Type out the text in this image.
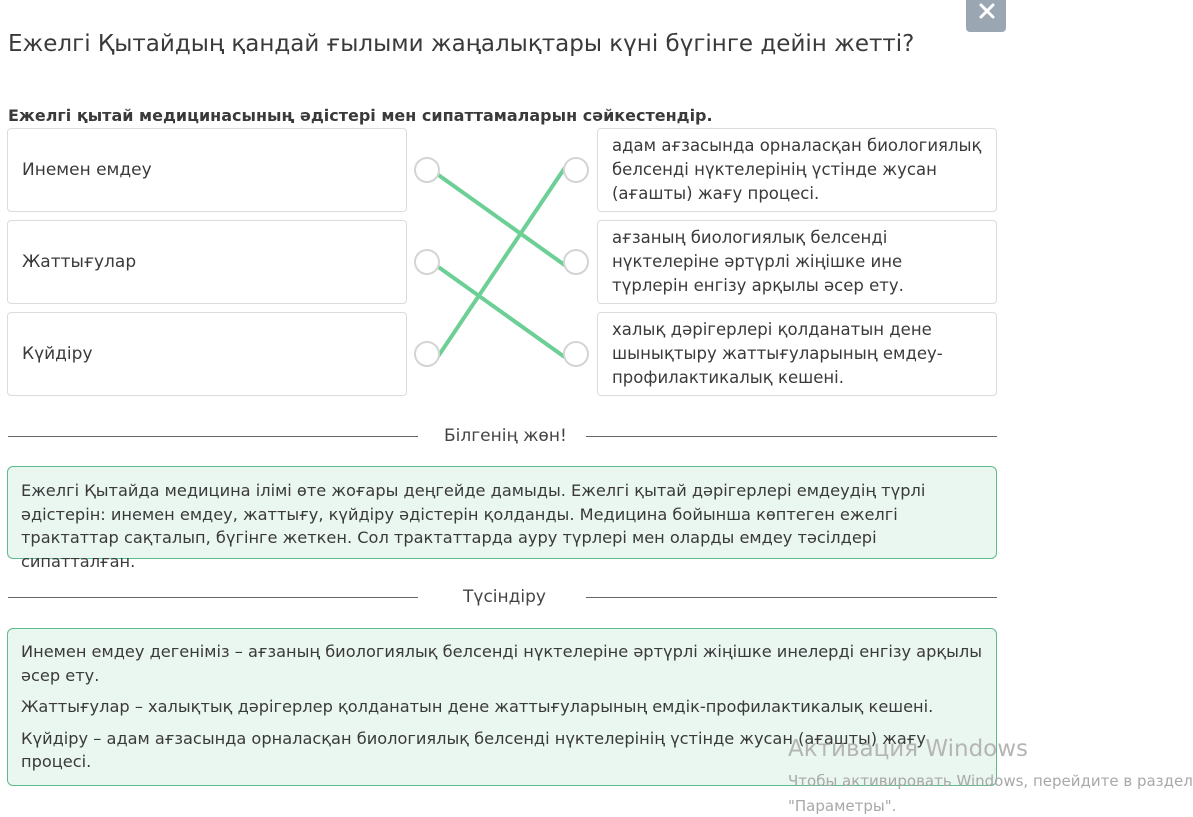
Ежелгі Қытайдың қандай ғылыми жаңалықтары күні бүгінге дейін жетті?
Ежелгі қытай медицинасының әдістері мен сипаттамаларын сәйкестендір.
Инемен емдеу
Жаттығулар
Күйдіру
адам ағзасында орналасқан биологиялық белсенді нүктелерінің үстінде жусан (ағашты) жағу процесі.
ағзаның биологиялық белсенді нүктелеріне әртүрлі жіңішке ине түрлерін енгізу арқылы әсер ету.
халық дәрігерлері қолданатын дене шынықтыру жаттығуларының емдеу-профилактикалық кешені.
Білгенің жөн!
Ежелгі Қытайда медицина ілімі өте жоғары деңгейде дамыды. Ежелгі қытай дәрігерлері емдеудің түрлі әдістерін: инемен емдеу, жаттығу, күйдіру әдістерін қолданды. Медицина бойынша көптеген ежелгі трактаттар сақталып, бүгінге жеткен. Сол трактаттарда ауру түрлері мен оларды емдеу тәсілдері сипатталған.
Түсіндіру

Инемен емдеу дегеніміз – ағзаның биологиялық белсенді нүктелеріне әртүрлі жіңішке инелерді енгізу арқылы әсер ету.

Жаттығулар – халықтық дәрігерлер қолданатын дене жаттығуларының емдік-профилактикалық кешені.

Күйдіру – адам ағзасында орналасқан биологиялық белсенді нүктелерінің үстінде жусан (ағашты) жағу процесі.	Активация Windows
Чтобы активировать Windows, перейдите в раздел
"Параметры".
